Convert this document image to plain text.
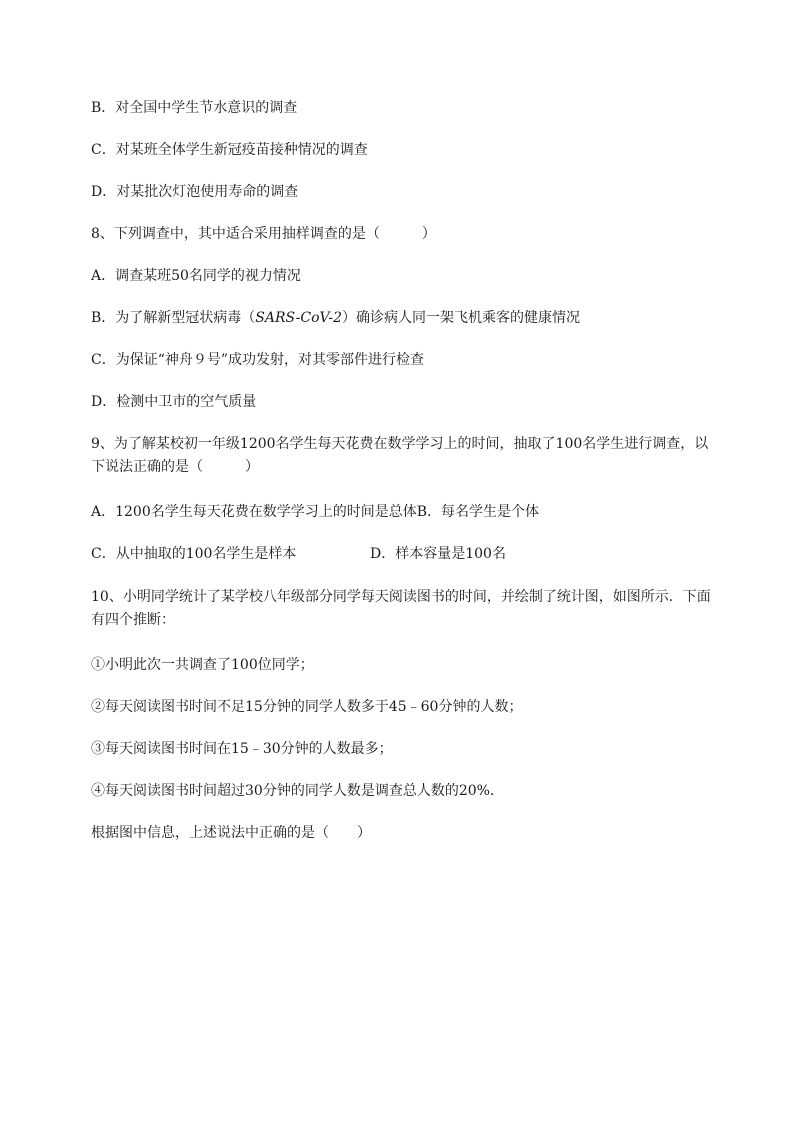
B．对全国中学生节水意识的调查
C．对某班全体学生新冠疫苗接种情况的调查
D．对某批次灯泡使用寿命的调查
8、下列调查中，其中适合采用抽样调查的是（　　　）
A．调查某班50名同学的视力情况
B．为了解新型冠状病毒（SARS-CoV-2）确诊病人同一架飞机乘客的健康情况
C．为保证“神舟９号”成功发射，对其零部件进行检查
D．检测中卫市的空气质量
9、为了解某校初一年级1200名学生每天花费在数学学习上的时间，抽取了100名学生进行调查，以
下说法正确的是（　　　）
A．1200名学生每天花费在数学学习上的时间是总体B．每名学生是个体
C．从中抽取的100名学生是样本	D．样本容量是100名
10、小明同学统计了某学校八年级部分同学每天阅读图书的时间，并绘制了统计图，如图所示．下面
有四个推断：
①小明此次一共调查了100位同学；
②每天阅读图书时间不足15分钟的同学人数多于45﹣60分钟的人数；
③每天阅读图书时间在15﹣30分钟的人数最多；
④每天阅读图书时间超过30分钟的同学人数是调查总人数的20%．
根据图中信息，上述说法中正确的是（　　）
